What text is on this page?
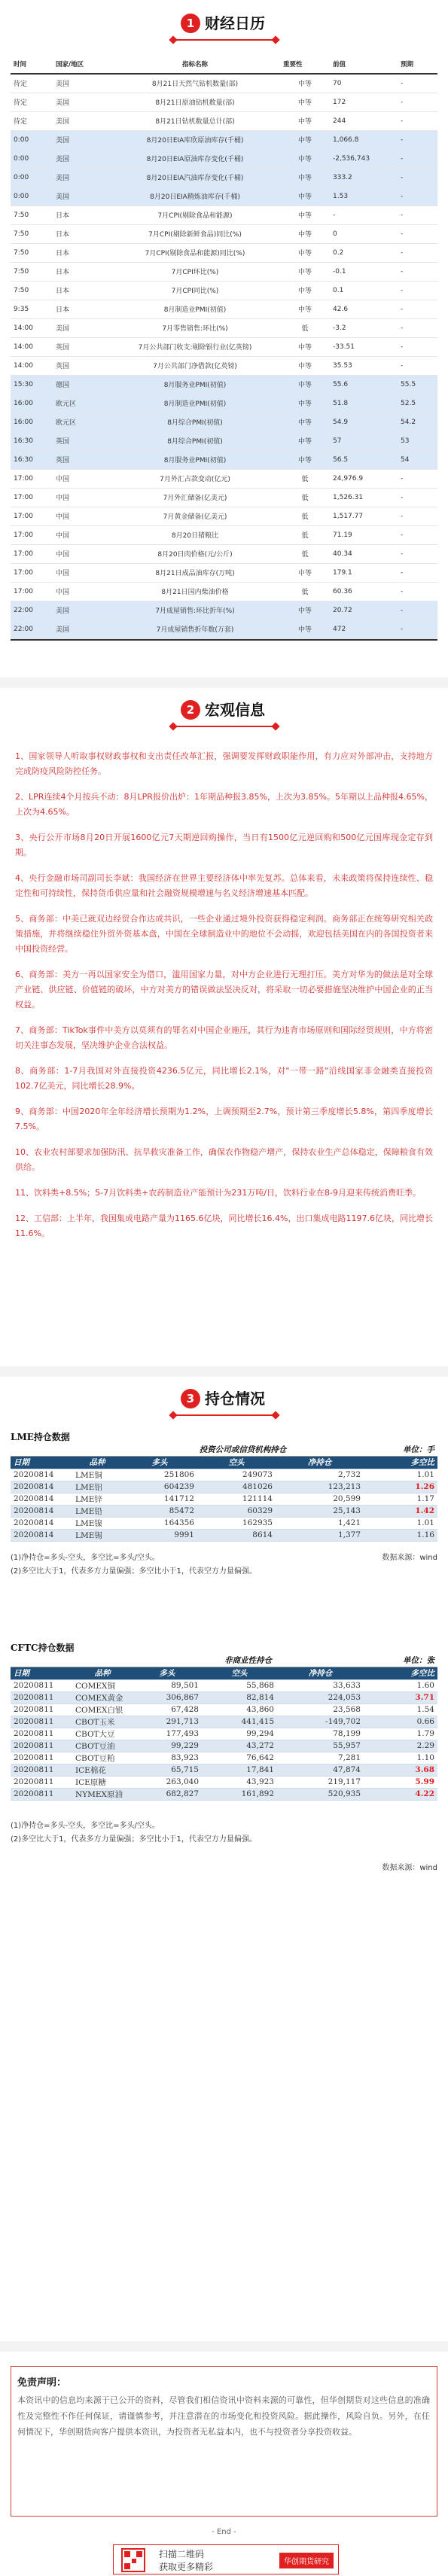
1 财经日历
时间	国家/地区	指标名称	重要性	前值	预期
待定	美国	8月21日天然气钻机数量(部)	中等	70	-
待定	美国	8月21日原油钻机数量(部)	中等	172	-
待定	美国	8月21日钻机数量总计(部)	中等	244	-
0:00	美国	8月20日EIA库欣原油库存(千桶)	中等	1,066.8	-
0:00	美国	8月20日EIA原油库存变化(千桶)	中等	-2,536,743	-
0:00	美国	8月20日EIA汽油库存变化(千桶)	中等	333.2	-
0:00	美国	8月20日EIA精炼油库存(千桶)	中等	1.53	-
7:50	日本	7月CPI(剔除食品和能源)	中等	-	-
7:50	日本	7月CPI(剔除新鲜食品)同比(%)	中等	0	-
7:50	日本	7月CPI(剔除食品和能源)同比(%)	中等	0.2	-
7:50	日本	7月CPI环比(%)	中等	-0.1	-
7:50	日本	7月CPI同比(%)	中等	0.1	-
9:35	日本	8月制造业PMI(初值)	中等	42.6	-
14:00	美国	7月零售销售:环比(%)	低	-3.2	-
14:00	英国	7月公共部门收支:剔除银行业(亿英镑)	中等	-33.51	-
14:00	英国	7月公共部门净借款(亿英镑)	中等	35.53	-
15:30	德国	8月服务业PMI(初值)	中等	55.6	55.5
16:00	欧元区	8月制造业PMI(初值)	中等	51.8	52.5
16:00	欧元区	8月综合PMI(初值)	中等	54.9	54.2
16:30	英国	8月综合PMI(初值)	中等	57	53
16:30	英国	8月服务业PMI(初值)	中等	56.5	54
17:00	中国	7月外汇占款变动(亿元)	低	24,976.9	-
17:00	中国	7月外汇储备(亿美元)	低	1,526.31	-
17:00	中国	7月黄金储备(亿美元)	低	1,517.77	-
17:00	中国	8月20日猪粮比	低	71.19	-
17:00	中国	8月20日肉价格(元/公斤)	低	40.34	-
17:00	中国	8月21日成品油库存(万吨)	中等	179.1	-
17:00	中国	8月21日国内柴油价格	低	60.36	-
22:00	美国	7月成屋销售:环比折年(%)	中等	20.72	-
22:00	美国	7月成屋销售折年数(万套)	中等	472	-

2 宏观信息

1、国家领导人听取事权财政事权和支出责任改革汇报，强调要发挥财政职能作用，有力应对外部冲击，支持地方完成防疫风险防控任务。

2、LPR连续4个月按兵不动：8月LPR报价出炉：1年期品种报3.85%，上次为3.85%。5年期以上品种报4.65%，上次为4.65%。

3、央行公开市场8月20日开展1600亿元7天期逆回购操作，当日有1500亿元逆回购和500亿元国库现金定存到期。

4、央行金融市场司副司长李斌：我国经济在世界主要经济体中率先复苏。总体来看，未来政策将保持连续性、稳定性和可持续性，保持货币供应量和社会融资规模增速与名义经济增速基本匹配。

5、商务部：中美已就双边经贸合作达成共识，一些企业通过境外投资获得稳定利润。商务部正在统筹研究相关政策措施，并将继续稳住外贸外资基本盘，中国在全球制造业中的地位不会动摇，欢迎包括美国在内的各国投资者来中国投资经营。

6、商务部：美方一再以国家安全为借口，滥用国家力量，对中方企业进行无理打压。美方对华为的做法是对全球产业链、供应链、价值链的破坏，中方对美方的错误做法坚决反对，将采取一切必要措施坚决维护中国企业的正当权益。

7、商务部：TikTok事件中美方以莫须有的罪名对中国企业施压，其行为违背市场原则和国际经贸规则，中方将密切关注事态发展，坚决维护企业合法权益。

8、商务部：1-7月我国对外直接投资4236.5亿元，同比增长2.1%，对"一带一路"沿线国家非金融类直接投资102.7亿美元，同比增长28.9%。

9、商务部：中国2020年全年经济增长预期为1.2%，上调预期至2.7%，预计第三季度增长5.8%，第四季度增长7.5%。

10、农业农村部要求加强防汛、抗旱救灾准备工作，确保农作物稳产增产，保持农业生产总体稳定，保障粮食有效供给。

11、饮料类+8.5%；5-7月饮料类+农药制造业产能预计为231万吨/日，饮料行业在8-9月迎来传统消费旺季。

12、工信部：上半年，我国集成电路产量为1165.6亿块，同比增长16.4%，出口集成电路1197.6亿块，同比增长11.6%。

3 持仓情况
LME持仓数据
		投资公司或信贷机构持仓			单位：手
日期	品种	多头	空头	净持仓	多空比
20200814	LME铜	251806	249073	2,732	1.01
20200814	LME铝	604239	481026	123,213	1.26
20200814	LME锌	141712	121114	20,599	1.17
20200814	LME铅	85472	60329	25,143	1.42
20200814	LME镍	164356	162935	1,421	1.01
20200814	LME锡	9991	8614	1,377	1.16
数据来源：wind
(1)净持仓=多头-空头，多空比=多头/空头。
(2)多空比大于1，代表多方力量偏强；多空比小于1，代表空方力量偏强。
CFTC持仓数据
		非商业性持仓			单位：张
日期	品种	多头	空头	净持仓	多空比
20200811	COMEX铜	89,501	55,868	33,633	1.60
20200811	COMEX黄金	306,867	82,814	224,053	3.71
20200811	COMEX白银	67,428	43,860	23,568	1.54
20200811	CBOT玉米	291,713	441,415	-149,702	0.66
20200811	CBOT大豆	177,493	99,294	78,199	1.79
20200811	CBOT豆油	99,229	43,272	55,957	2.29
20200811	CBOT豆粕	83,923	76,642	7,281	1.10
20200811	ICE棉花	65,715	17,841	47,874	3.68
20200811	ICE原糖	263,040	43,923	219,117	5.99
20200811	NYMEX原油	682,827	161,892	520,935	4.22
(1)净持仓=多头-空头，多空比=多头/空头。
(2)多空比大于1，代表多方力量偏强；多空比小于1，代表空方力量偏强。
数据来源：wind
免责声明：
本资讯中的信息均来源于已公开的资料，尽管我们相信资讯中资料来源的可靠性，但华创期货对这些信息的准确性及完整性不作任何保证，请谨慎参考，并注意潜在的市场变化和投资风险。据此操作，风险自负。另外，在任何情况下，华创期货向客户提供本资讯，为投资者无私益本内，也不与投资者分享投资收益。
- End -
扫描二维码
获取更多精彩	华创期货研究
